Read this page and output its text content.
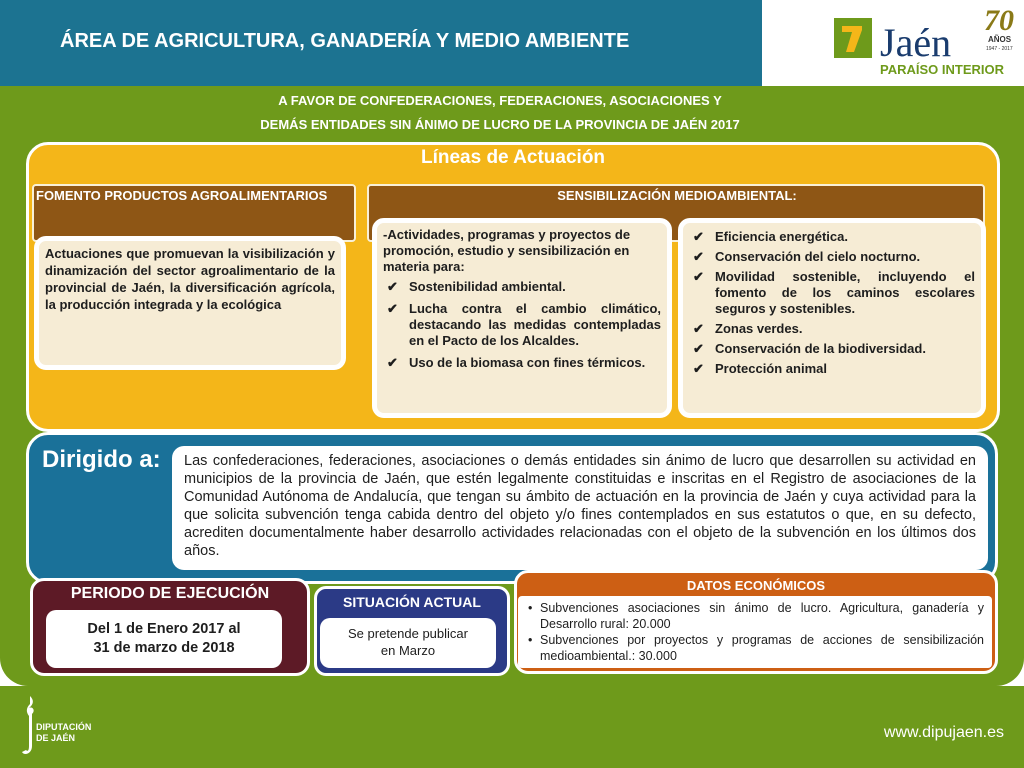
ÁREA DE AGRICULTURA, GANADERÍA Y MEDIO AMBIENTE	Jaén
PARAÍSO INTERIOR
70
AÑOS
1947 - 2017
A FAVOR DE CONFEDERACIONES, FEDERACIONES, ASOCIACIONES Y
DEMÁS ENTIDADES SIN ÁNIMO DE LUCRO DE LA PROVINCIA DE JAÉN 2017
Líneas de Actuación
FOMENTO PRODUCTOS AGROALIMENTARIOS

Actuaciones que promuevan la visibilización y dinamización del sector agroalimentario de la provincial de Jaén, la diversificación agrícola, la producción integrada y la ecológica

SENSIBILIZACIÓN MEDIOAMBIENTAL:
-Actividades, programas y proyectos de promoción, estudio y sensibilización en materia para:
✔ Sostenibilidad ambiental.
✔ Lucha contra el cambio climático, destacando las medidas contempladas en el Pacto de los Alcaldes.
✔ Uso de la biomasa con fines térmicos.
✔ Eficiencia energética.
✔ Conservación del cielo nocturno.
✔ Movilidad sostenible, incluyendo el fomento de los caminos escolares seguros y sostenibles.
✔ Zonas verdes.
✔ Conservación de la biodiversidad.
✔ Protección animal
Dirigido a: Las confederaciones, federaciones, asociaciones o demás entidades sin ánimo de lucro que desarrollen su actividad en municipios de la provincia de Jaén, que estén legalmente constituidas e inscritas en el Registro de asociaciones de la Comunidad Autónoma de Andalucía, que tengan su ámbito de actuación en la provincia de Jaén y cuya actividad para la que solicita subvención tenga cabida dentro del objeto y/o fines contemplados en sus estatutos o que, en su defecto, acrediten documentalmente haber desarrollo actividades relacionadas con el objeto de la subvención en los últimos dos años.

PERIODO DE EJECUCIÓN
Del 1 de Enero 2017 al
31 de marzo de 2018
SITUACIÓN ACTUAL
Se pretende publicar
en Marzo
DATOS ECONÓMICOS
• Subvenciones asociaciones sin ánimo de lucro. Agricultura, ganadería y Desarrollo rural: 20.000
• Subvenciones por proyectos y programas de acciones de sensibilización medioambiental.: 30.000
DIPUTACIÓN
DE JAÉN	www.dipujaen.es
